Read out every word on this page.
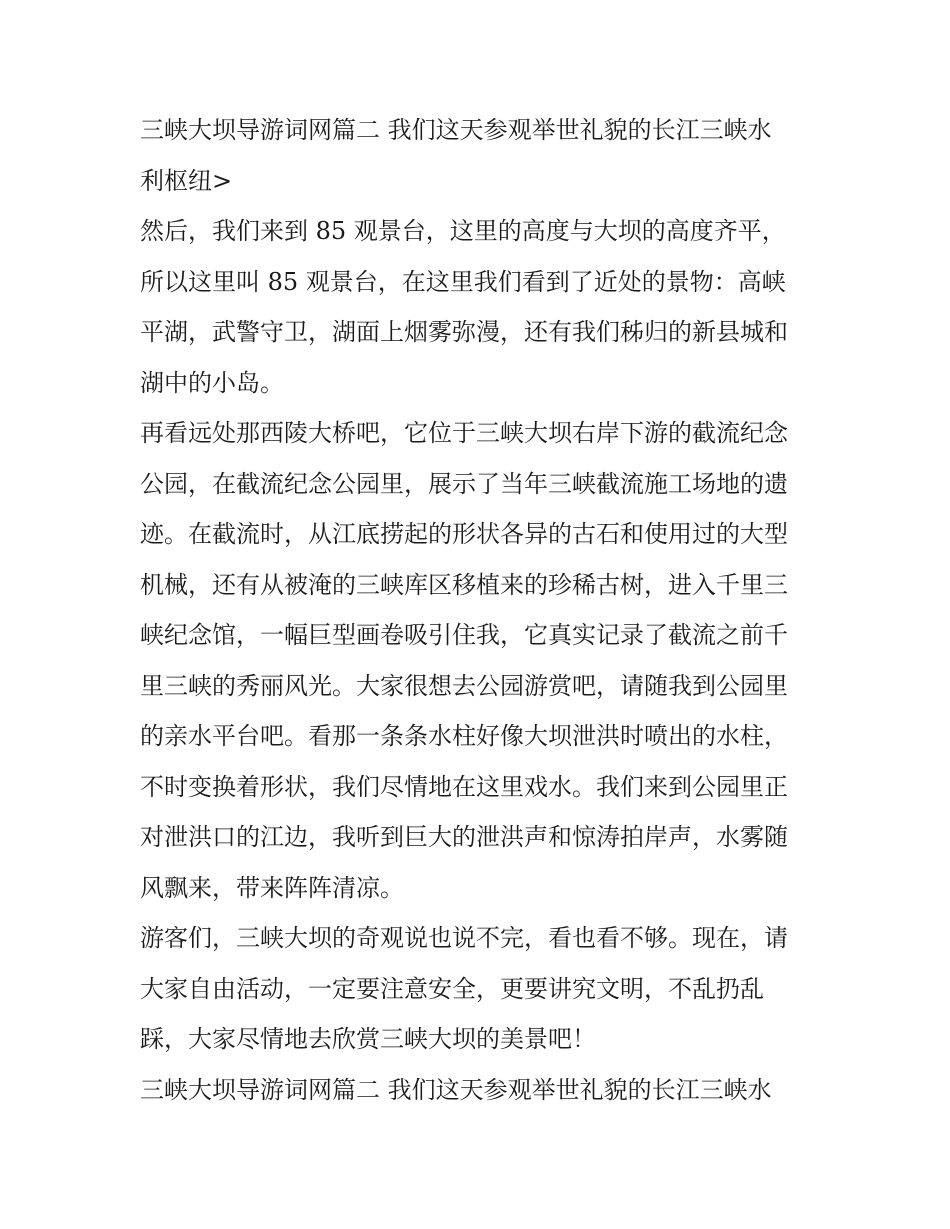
三峡大坝导游词网篇二 我们这天参观举世礼貌的长江三峡水
利枢纽>

然后，我们来到 85 观景台，这里的高度与大坝的高度齐平，
所以这里叫 85 观景台，在这里我们看到了近处的景物：高峡
平湖，武警守卫，湖面上烟雾弥漫，还有我们秭归的新县城和
湖中的小岛。

再看远处那西陵大桥吧，它位于三峡大坝右岸下游的截流纪念
公园，在截流纪念公园里，展示了当年三峡截流施工场地的遗
迹。在截流时，从江底捞起的形状各异的古石和使用过的大型
机械，还有从被淹的三峡库区移植来的珍稀古树，进入千里三
峡纪念馆，一幅巨型画卷吸引住我，它真实记录了截流之前千
里三峡的秀丽风光。大家很想去公园游赏吧，请随我到公园里
的亲水平台吧。看那一条条水柱好像大坝泄洪时喷出的水柱，
不时变换着形状，我们尽情地在这里戏水。我们来到公园里正
对泄洪口的江边，我听到巨大的泄洪声和惊涛拍岸声，水雾随
风飘来，带来阵阵清凉。

游客们，三峡大坝的奇观说也说不完，看也看不够。现在，请
大家自由活动，一定要注意安全，更要讲究文明，不乱扔乱
踩，大家尽情地去欣赏三峡大坝的美景吧！

三峡大坝导游词网篇二 我们这天参观举世礼貌的长江三峡水
